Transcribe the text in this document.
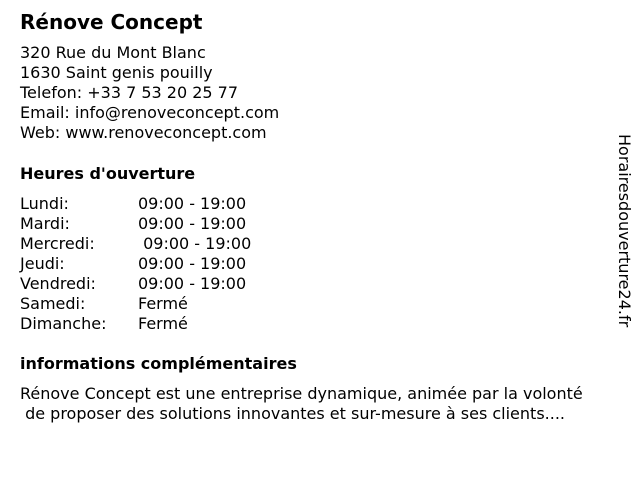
Rénove Concept
320 Rue du Mont Blanc
1630 Saint genis pouilly
Telefon: +33 7 53 20 25 77
Email: info@renoveconcept.com
Web: www.renoveconcept.com
Heures d'ouverture
Lundi:	09:00 - 19:00
Mardi:	09:00 - 19:00
Mercredi:	09:00 - 19:00
Jeudi:	09:00 - 19:00
Vendredi:	09:00 - 19:00
Samedi:	Fermé
Dimanche:	Fermé
informations complémentaires
Rénove Concept est une entreprise dynamique, animée par la volonté
de proposer des solutions innovantes et sur-mesure à ses clients....
Horairesdouverture24.fr
